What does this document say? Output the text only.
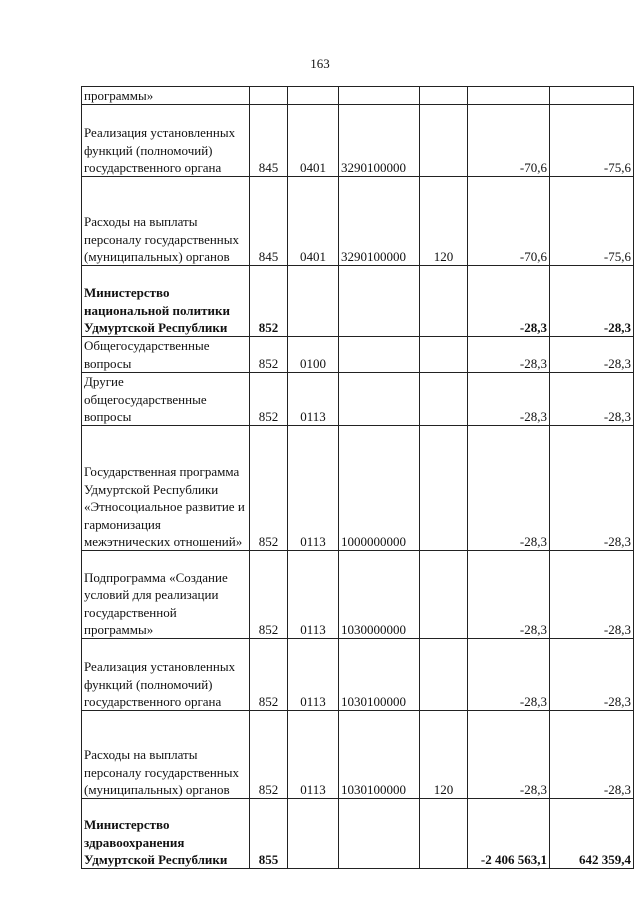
163
программы»						
Реализация установленных функций (полномочий) государственного органа	845	0401	3290100000		-70,6	-75,6
Расходы на выплаты персоналу государственных (муниципальных) органов	845	0401	3290100000	120	-70,6	-75,6
Министерство национальной политики Удмуртской Республики	852				-28,3	-28,3
Общегосударственные вопросы	852	0100			-28,3	-28,3
Другие общегосударственные вопросы	852	0113			-28,3	-28,3
Государственная программа Удмуртской Республики «Этносоциальное развитие и гармонизация межэтнических отношений»	852	0113	1000000000		-28,3	-28,3
Подпрограмма «Создание условий для реализации государственной программы»	852	0113	1030000000		-28,3	-28,3
Реализация установленных функций (полномочий) государственного органа	852	0113	1030100000		-28,3	-28,3
Расходы на выплаты персоналу государственных (муниципальных) органов	852	0113	1030100000	120	-28,3	-28,3
Министерство здравоохранения Удмуртской Республики	855				-2 406 563,1	642 359,4
